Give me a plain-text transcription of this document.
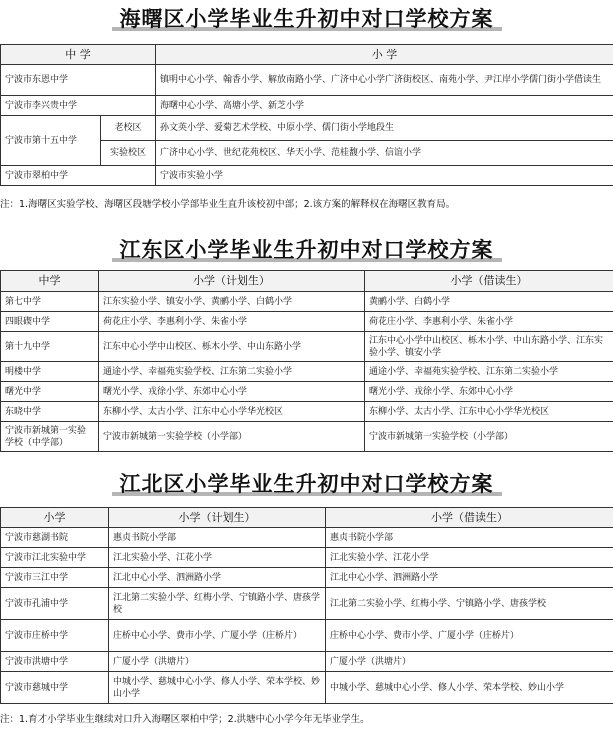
海曙区小学毕业生升初中对口学校方案
中 学		小 学
宁波市东恩中学		镇明中心小学、翰香小学、解放南路小学、广济中心小学广济街校区、南苑小学、尹江岸小学儒门街小学借读生
宁波市李兴贵中学		海曙中心小学、高塘小学、新芝小学
宁波市第十五中学	老校区	孙文英小学、爱菊艺术学校、中原小学、儒门街小学地段生
	实验校区	广济中心小学、世纪花苑校区、华天小学、范桂馥小学、信谊小学
宁波市翠柏中学		宁波市实验小学
注：1.海曙区实验学校、海曙区段塘学校小学部毕业生直升该校初中部；2.该方案的解释权在海曙区教育局。
江东区小学毕业生升初中对口学校方案
中学	小学（计划生）	小学（借读生）
第七中学	江东实验小学、镇安小学、黄鹂小学、白鹤小学	黄鹂小学、白鹤小学
四眼碶中学	荷花庄小学、李惠利小学、朱雀小学	荷花庄小学、李惠利小学、朱雀小学
第十九中学	江东中心小学中山校区、栎木小学、中山东路小学	江东中心小学中山校区、栎木小学、中山东路小学、江东实验小学、镇安小学
明楼中学	通途小学、幸福苑实验学校、江东第二实验小学	通途小学、幸福苑实验学校、江东第二实验小学
曙光中学	曙光小学、戎徐小学、东郊中心小学	曙光小学、戎徐小学、东郊中心小学
东晓中学	东柳小学、太古小学、江东中心小学华光校区	东柳小学、太古小学、江东中心小学华光校区
宁波市新城第一实验学校（中学部）	宁波市新城第一实验学校（小学部）	宁波市新城第一实验学校（小学部）
江北区小学毕业生升初中对口学校方案
小学	小学（计划生）	小学（借读生）
宁波市慈湖书院	惠贞书院小学部	惠贞书院小学部
宁波市江北实验中学	江北实验小学、江花小学	江北实验小学、江花小学
宁波市三江中学	江北中心小学、泗洲路小学	江北中心小学、泗洲路小学
宁波市孔浦中学	江北第二实验小学、红梅小学、宁镇路小学、唐孩学校	江北第二实验小学、红梅小学、宁镇路小学、唐孩学校
宁波市庄桥中学	庄桥中心小学、费市小学、广厦小学（庄桥片）	庄桥中心小学、费市小学、广厦小学（庄桥片）
宁波市洪塘中学	广厦小学（洪塘片）	广厦小学（洪塘片）
宁波市慈城中学	中城小学、慈城中心小学、修人小学、荣本学校、妙山小学	中城小学、慈城中心小学、修人小学、荣本学校、妙山小学
注：1.育才小学毕业生继续对口升入海曙区翠柏中学；2.洪塘中心小学今年无毕业学生。
